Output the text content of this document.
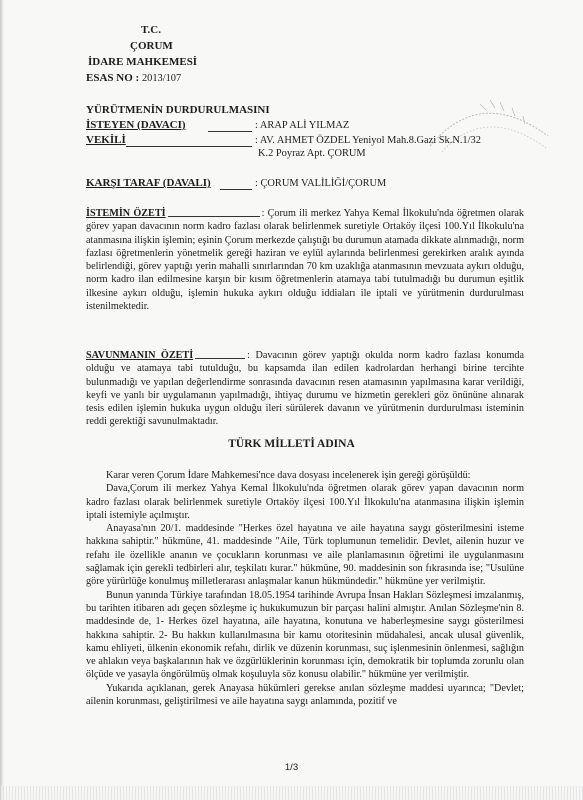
T.C.
ÇORUM
İDARE MAHKEMESİ
ESAS NO : 2013/107
YÜRÜTMENİN DURDURULMASINI
İSTEYEN (DAVACI)	: ARAP ALİ YILMAZ
VEKİLİ	: AV. AHMET ÖZDEL Yeniyol Mah.8.Gazi Sk.N.1/32
K.2 Poyraz Apt. ÇORUM
KARŞI TARAF (DAVALI)	: ÇORUM VALİLİĞİ/ÇORUM
İSTEMİN ÖZETİ	: Çorum ili merkez Yahya Kemal İlkokulu'nda öğretmen olarak görev yapan davacının norm kadro fazlası olarak belirlenmek suretiyle Ortaköy ilçesi 100.Yıl İlkokulu'na atanmasına ilişkin işlemin; eşinin Çorum merkezde çalıştığı bu durumun atamada dikkate alınmadığı, norm fazlası öğretmenlerin yönetmelik gereği haziran ve eylül aylarında belirlenmesi gerekirken aralık ayında belirlendiği, görev yaptığı yerin mahalli sınırlarından 70 km uzaklığa atanmasının mevzuata aykırı olduğu, norm kadro ilan edilmesine karşın bir kısım öğretmenlerin atamaya tabi tutulmadığı bu durumun eşitlik ilkesine aykırı olduğu, işlemin hukuka aykırı olduğu iddiaları ile iptali ve yürütmenin durdurulması istenilmektedir.
SAVUNMANIN ÖZETİ	: Davacının görev yaptığı okulda norm kadro fazlası konumda olduğu ve atamaya tabi tutulduğu, bu kapsamda ilan edilen kadrolardan herhangi birine tercihte bulunmadığı ve yapılan değerlendirme sonrasında davacının resen atamasının yapılmasına karar verildiği, keyfi ve yanlı bir uygulamanın yapılmadığı, ihtiyaç durumu ve hizmetin gerekleri göz önününe alınarak tesis edilen işlemin hukuka uygun olduğu ileri sürülerek davanın ve yürütmenin durdurulması isteminin reddi gerektiği savunulmaktadır.
TÜRK MİLLETİ ADINA

Karar veren Çorum İdare Mahkemesi'nce dava dosyası incelenerek işin gereği görüşüldü:

Dava,Çorum ili merkez Yahya Kemal İlkokulu'nda öğretmen olarak görev yapan davacının norm kadro fazlası olarak belirlenmek suretiyle Ortaköy ilçesi 100.Yıl İlkokulu'na atanmasına ilişkin işlemin iptali istemiyle açılmıştır.

Anayasa'nın 20/1. maddesinde "Herkes özel hayatına ve aile hayatına saygı gösterilmesini isteme hakkına sahiptir." hükmüne, 41. maddesinde "Aile, Türk toplumunun temelidir. Devlet, ailenin huzur ve refahı ile özellikle ananın ve çocukların korunması ve aile planlamasının öğretimi ile uygulanmasını sağlamak için gerekli tedbirleri alır, teşkilatı kurar." hükmüne, 90. maddesinin son fıkrasında ise; "Usulüne göre yürürlüğe konulmuş milletlerarası anlaşmalar kanun hükmündedir." hükmüne yer verilmiştir.

Bunun yanında Türkiye tarafından 18.05.1954 tarihinde Avrupa İnsan Hakları Sözleşmesi imzalanmış, bu tarihten itibaren adı geçen sözleşme iç hukukumuzun bir parçası halini almıştır. Anılan Sözleşme'nin 8. maddesinde de, 1- Herkes özel hayatına, aile hayatına, konutuna ve haberleşmesine saygı gösterilmesi hakkına sahiptir. 2- Bu hakkın kullanılmasına bir kamu otoritesinin müdahalesi, ancak ulusal güvenlik, kamu ehliyeti, ülkenin ekonomik refahı, dirlik ve düzenin korunması, suç işlenmesinin önlenmesi, sağlığın ve ahlakın veya başkalarının hak ve özgürlüklerinin korunması için, demokratik bir toplumda zorunlu olan ölçüde ve yasayla öngörülmüş olmak koşuluyla söz konusu olabilir." hükmüne yer verilmiştir.

Yukarıda açıklanan, gerek Anayasa hükümleri gerekse anılan sözleşme maddesi uyarınca; "Devlet; ailenin korunması, geliştirilmesi ve aile hayatına saygı anlamında, pozitif ve

1/3
